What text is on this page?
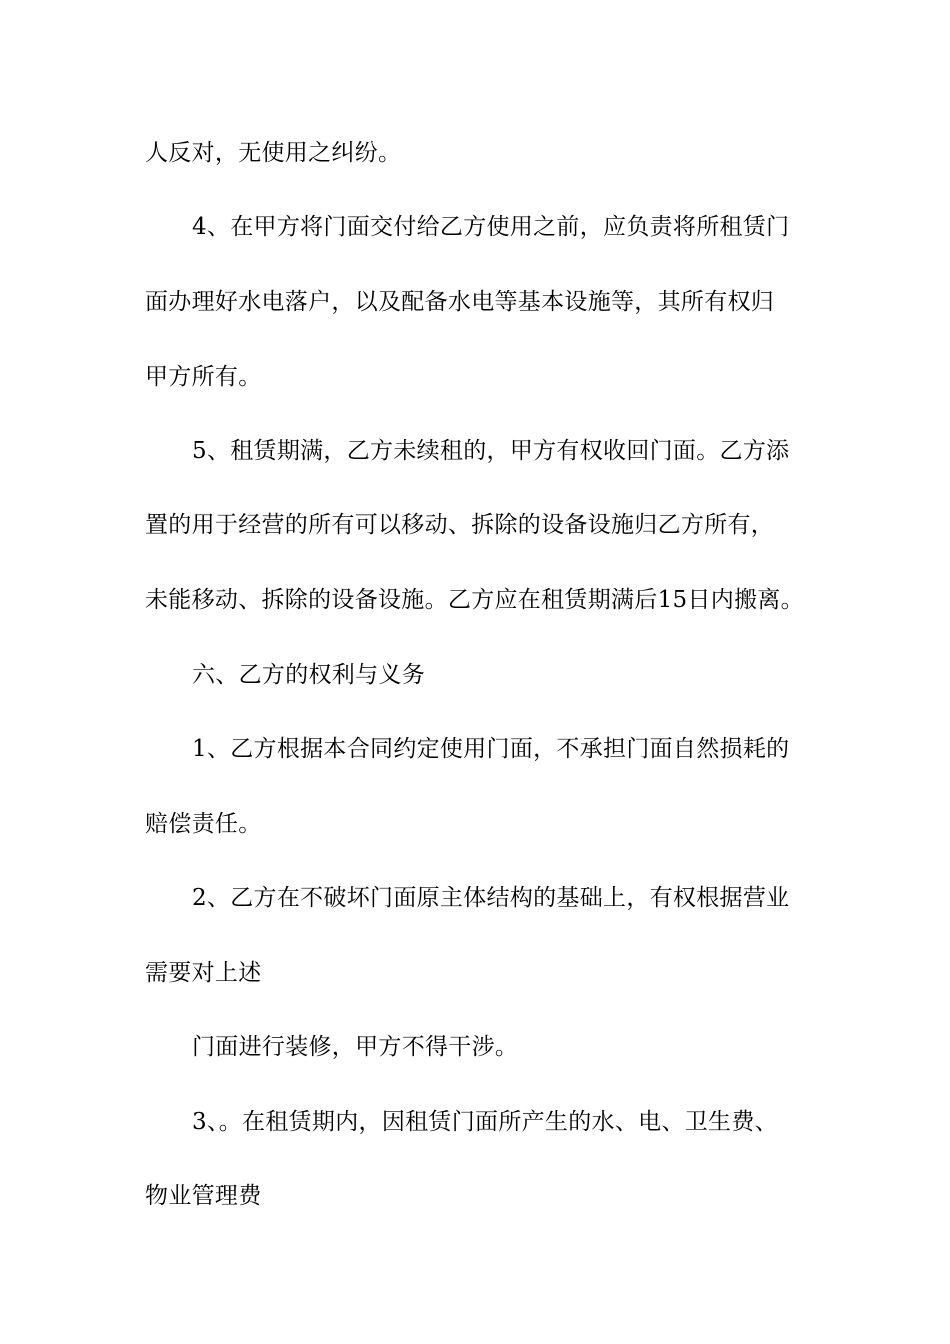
人反对，无使用之纠纷。
4、在甲方将门面交付给乙方使用之前，应负责将所租赁门
面办理好水电落户，以及配备水电等基本设施等，其所有权归
甲方所有。
5、租赁期满，乙方未续租的，甲方有权收回门面。乙方添
置的用于经营的所有可以移动、拆除的设备设施归乙方所有，
未能移动、拆除的设备设施。乙方应在租赁期满后15日内搬离。
六、乙方的权利与义务
1、乙方根据本合同约定使用门面，不承担门面自然损耗的
赔偿责任。
2、乙方在不破坏门面原主体结构的基础上，有权根据营业
需要对上述
门面进行装修，甲方不得干涉。
3、。在租赁期内，因租赁门面所产生的水、电、卫生费、
物业管理费
